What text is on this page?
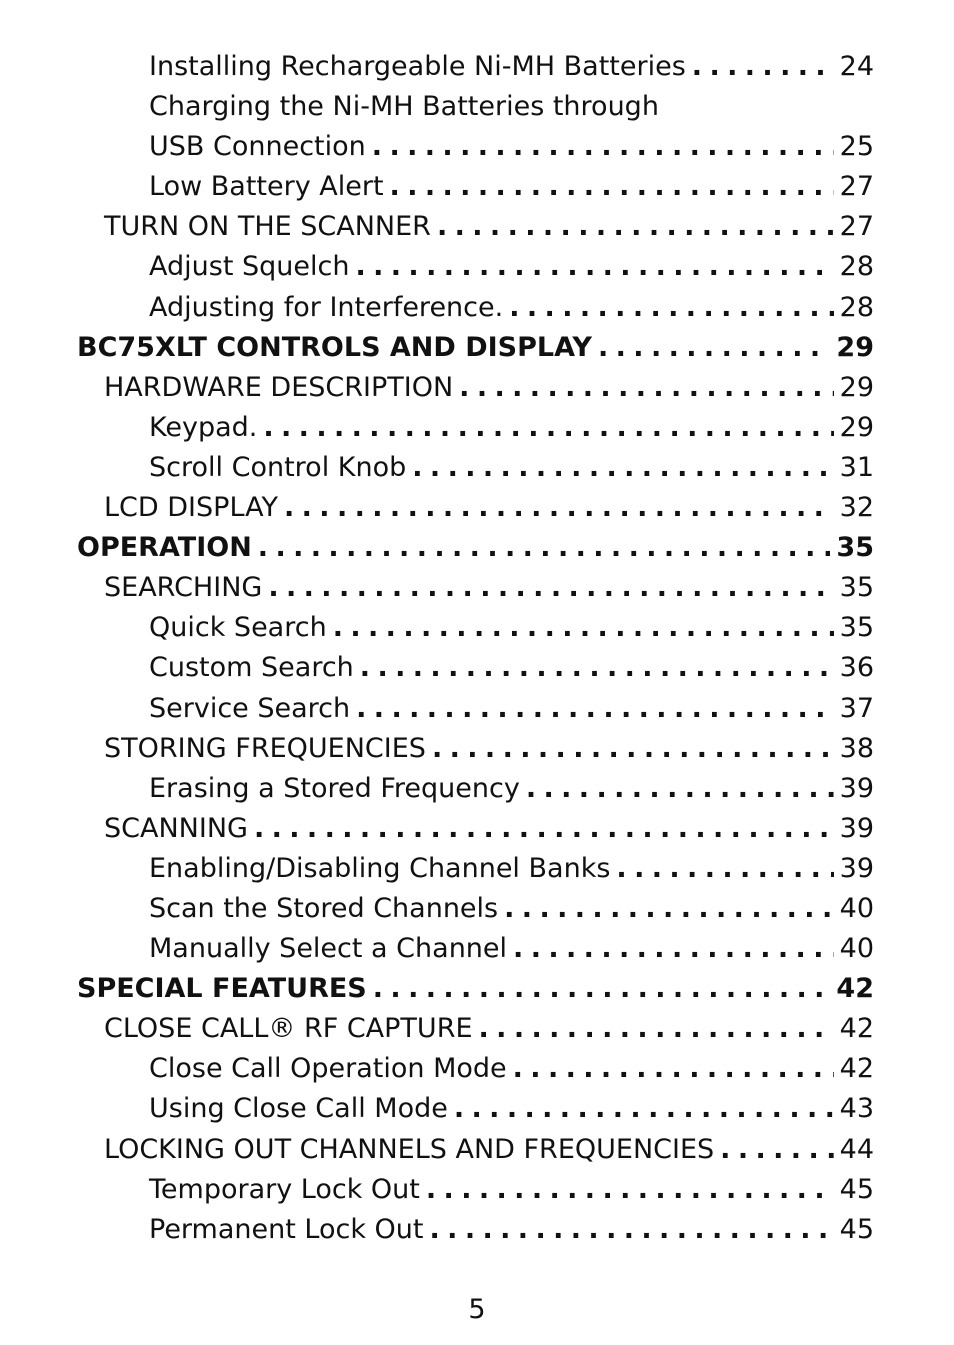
Installing Rechargeable Ni-MH Batteries . . .	24
Charging the Ni-MH Batteries through
USB Connection . . .	25
Low Battery Alert . . .	27
TURN ON THE SCANNER . . .	27
Adjust Squelch . . .	28
Adjusting for Interference. . . .	28
BC75XLT CONTROLS AND DISPLAY . . .	29
HARDWARE DESCRIPTION . . .	29
Keypad. . . .	29
Scroll Control Knob . . .	31
LCD DISPLAY . . .	32
OPERATION . . .	35
SEARCHING . . .	35
Quick Search . . .	35
Custom Search . . .	36
Service Search . . .	37
STORING FREQUENCIES . . .	38
Erasing a Stored Frequency . . .	39
SCANNING . . .	39
Enabling/Disabling Channel Banks . . .	39
Scan the Stored Channels . . .	40
Manually Select a Channel . . .	40
SPECIAL FEATURES . . .	42
CLOSE CALL® RF CAPTURE . . .	42
Close Call Operation Mode . . .	42
Using Close Call Mode . . .	43
LOCKING OUT CHANNELS AND FREQUENCIES . . .	44
Temporary Lock Out . . .	45
Permanent Lock Out . . .	45
5
